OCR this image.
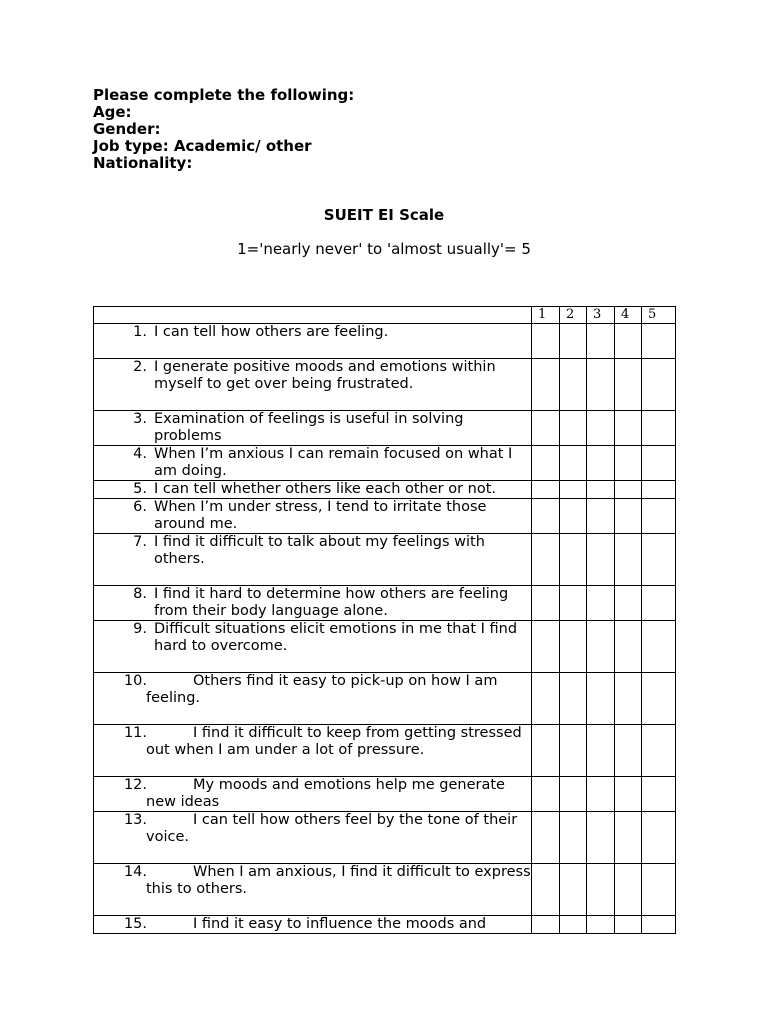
Please complete the following:
Age:
Gender:
Job type: Academic/ other
Nationality:
SUEIT EI Scale
1='nearly never' to 'almost usually'= 5
	1	2	3	4	5

1. I can tell how others are feeling.					

2. I generate positive moods and emotions within myself to get over being frustrated.					

3. Examination of feelings is useful in solving problems					

4. When I’m anxious I can remain focused on what I am doing.					

5. I can tell whether others like each other or not.					

6. When I’m under stress, I tend to irritate those around me.					

7. I find it difficult to talk about my feelings with others.					

8. I find it hard to determine how others are feeling from their body language alone.					

9. Difficult situations elicit emotions in me that I find hard to overcome.					

10. Others find it easy to pick-up on how I am feeling.					

11. I find it difficult to keep from getting stressed out when I am under a lot of pressure.					

12. My moods and emotions help me generate new ideas					

13. I can tell how others feel by the tone of their voice.					

14. When I am anxious, I find it difficult to express this to others.					

15. I find it easy to influence the moods and					
